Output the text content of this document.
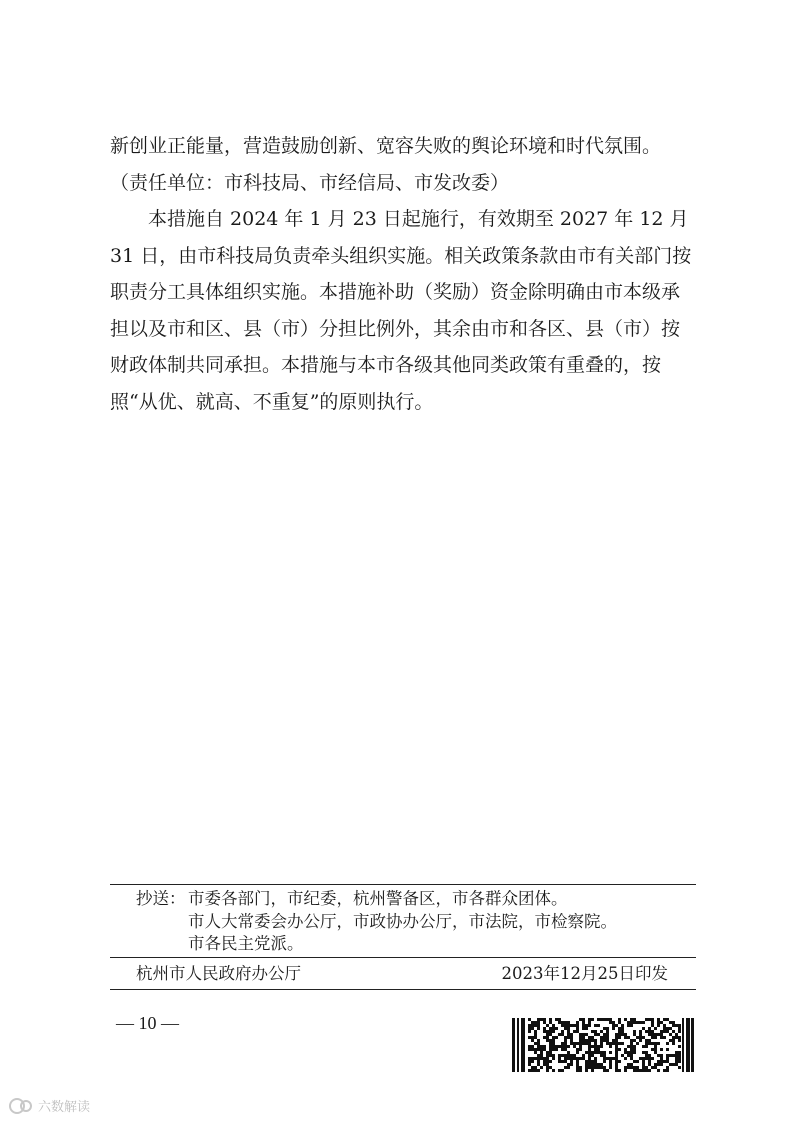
新创业正能量，营造鼓励创新、宽容失败的舆论环境和时代氛围。

（责任单位：市科技局、市经信局、市发改委）

本措施自 2024 年 1 月 23 日起施行，有效期至 2027 年 12 月 31 日，由市科技局负责牵头组织实施。相关政策条款由市有关部门按职责分工具体组织实施。本措施补助（奖励）资金除明确由市本级承担以及市和区、县（市）分担比例外，其余由市和各区、县（市）按财政体制共同承担。本措施与本市各级其他同类政策有重叠的，按照“从优、就高、不重复”的原则执行。

抄送： 市委各部门，市纪委，杭州警备区，市各群众团体。
市人大常委会办公厅，市政协办公厅，市法院，市检察院。
市各民主党派。
杭州市人民政府办公厅	2023年12月25日印发
— 10 —
六数解读
